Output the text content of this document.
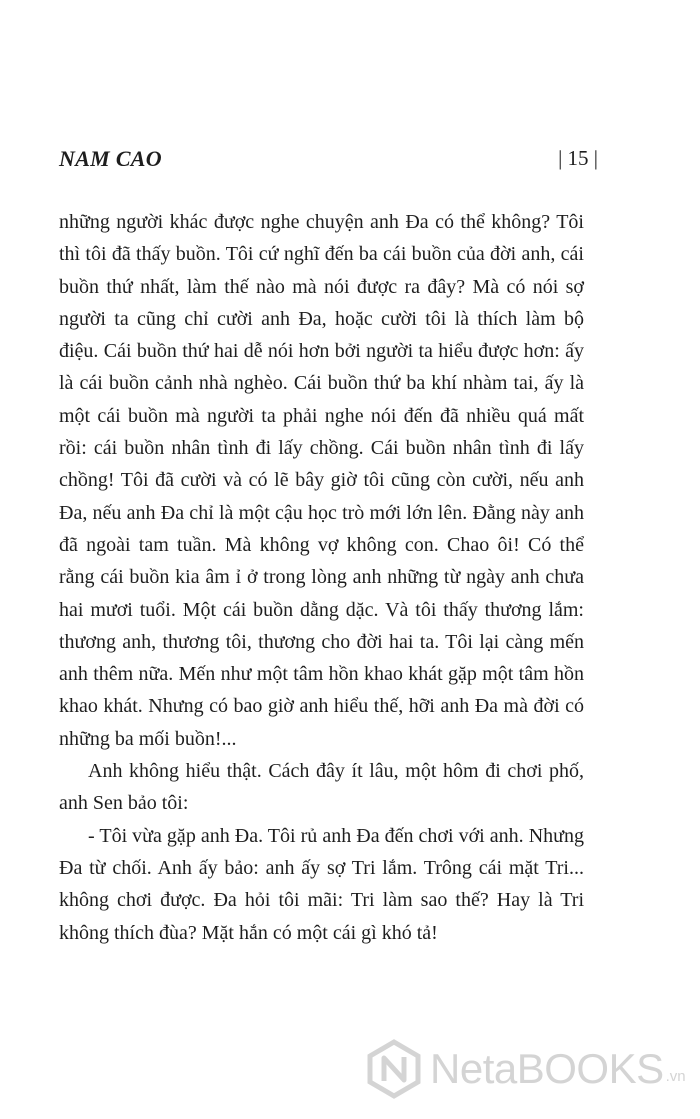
NAM CAO	| 15 |

những người khác được nghe chuyện anh Đa có thể không? Tôi thì tôi đã thấy buồn. Tôi cứ nghĩ đến ba cái buồn của đời anh, cái buồn thứ nhất, làm thế nào mà nói được ra đây? Mà có nói sợ người ta cũng chỉ cười anh Đa, hoặc cười tôi là thích làm bộ điệu. Cái buồn thứ hai dễ nói hơn bởi người ta hiểu được hơn: ấy là cái buồn cảnh nhà nghèo. Cái buồn thứ ba khí nhàm tai, ấy là một cái buồn mà người ta phải nghe nói đến đã nhiều quá mất rồi: cái buồn nhân tình đi lấy chồng. Cái buồn nhân tình đi lấy chồng! Tôi đã cười và có lẽ bây giờ tôi cũng còn cười, nếu anh Đa, nếu anh Đa chỉ là một cậu học trò mới lớn lên. Đằng này anh đã ngoài tam tuần. Mà không vợ không con. Chao ôi! Có thể rằng cái buồn kia âm ỉ ở trong lòng anh những từ ngày anh chưa hai mươi tuổi. Một cái buồn dằng dặc. Và tôi thấy thương lắm: thương anh, thương tôi, thương cho đời hai ta. Tôi lại càng mến anh thêm nữa. Mến như một tâm hồn khao khát gặp một tâm hồn khao khát. Nhưng có bao giờ anh hiểu thế, hỡi anh Đa mà đời có những ba mối buồn!...

Anh không hiểu thật. Cách đây ít lâu, một hôm đi chơi phố, anh Sen bảo tôi:

- Tôi vừa gặp anh Đa. Tôi rủ anh Đa đến chơi với anh. Nhưng Đa từ chối. Anh ấy bảo: anh ấy sợ Tri lắm. Trông cái mặt Tri... không chơi được. Đa hỏi tôi mãi: Tri làm sao thế? Hay là Tri không thích đùa? Mặt hắn có một cái gì khó tả!

NetaBOOKS .vn
